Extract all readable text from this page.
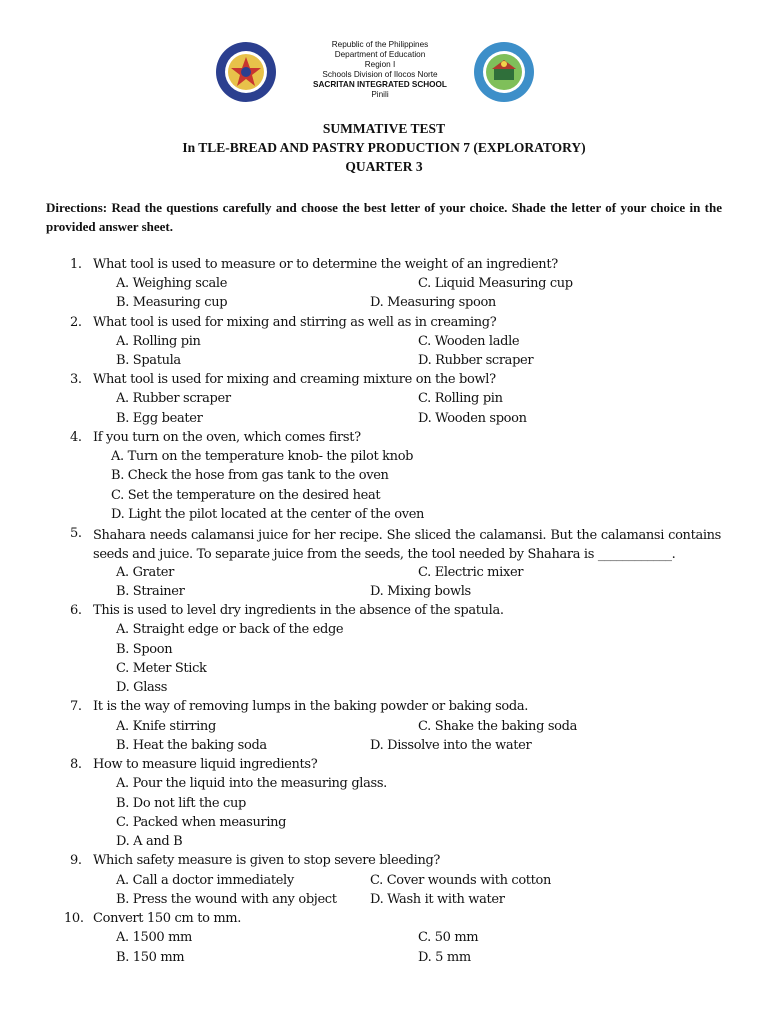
Republic of the Philippines
Department of Education
Region I
Schools Division of Ilocos Norte
SACRITAN INTEGRATED SCHOOL
Pinili
SUMMATIVE TEST
In TLE-BREAD AND PASTRY PRODUCTION 7 (EXPLORATORY)
QUARTER 3
Directions: Read the questions carefully and choose the best letter of your choice. Shade the letter of your choice in the provided answer sheet.
1. What tool is used to measure or to determine the weight of an ingredient?
A. Weighing scale	C. Liquid Measuring cup
B. Measuring cup	D. Measuring spoon
2. What tool is used for mixing and stirring as well as in creaming?
A. Rolling pin	C. Wooden ladle
B. Spatula	D. Rubber scraper
3. What tool is used for mixing and creaming mixture on the bowl?
A. Rubber scraper	C. Rolling pin
B. Egg beater	D. Wooden spoon
4. If you turn on the oven, which comes first?
A. Turn on the temperature knob- the pilot knob
B. Check the hose from gas tank to the oven
C. Set the temperature on the desired heat
D. Light the pilot located at the center of the oven
5. Shahara needs calamansi juice for her recipe. She sliced the calamansi. But the calamansi contains seeds and juice. To separate juice from the seeds, the tool needed by Shahara is ____________.
A. Grater	C. Electric mixer
B. Strainer	D. Mixing bowls
6. This is used to level dry ingredients in the absence of the spatula.
A. Straight edge or back of the edge
B. Spoon
C. Meter Stick
D. Glass
7. It is the way of removing lumps in the baking powder or baking soda.
A. Knife stirring	C. Shake the baking soda
B. Heat the baking soda	D. Dissolve into the water
8. How to measure liquid ingredients?
A. Pour the liquid into the measuring glass.
B. Do not lift the cup
C. Packed when measuring
D. A and B
9. Which safety measure is given to stop severe bleeding?
A. Call a doctor immediately	C. Cover wounds with cotton
B. Press the wound with any object	D. Wash it with water
10. Convert 150 cm to mm.
A. 1500 mm	C. 50 mm
B. 150 mm	D. 5 mm
